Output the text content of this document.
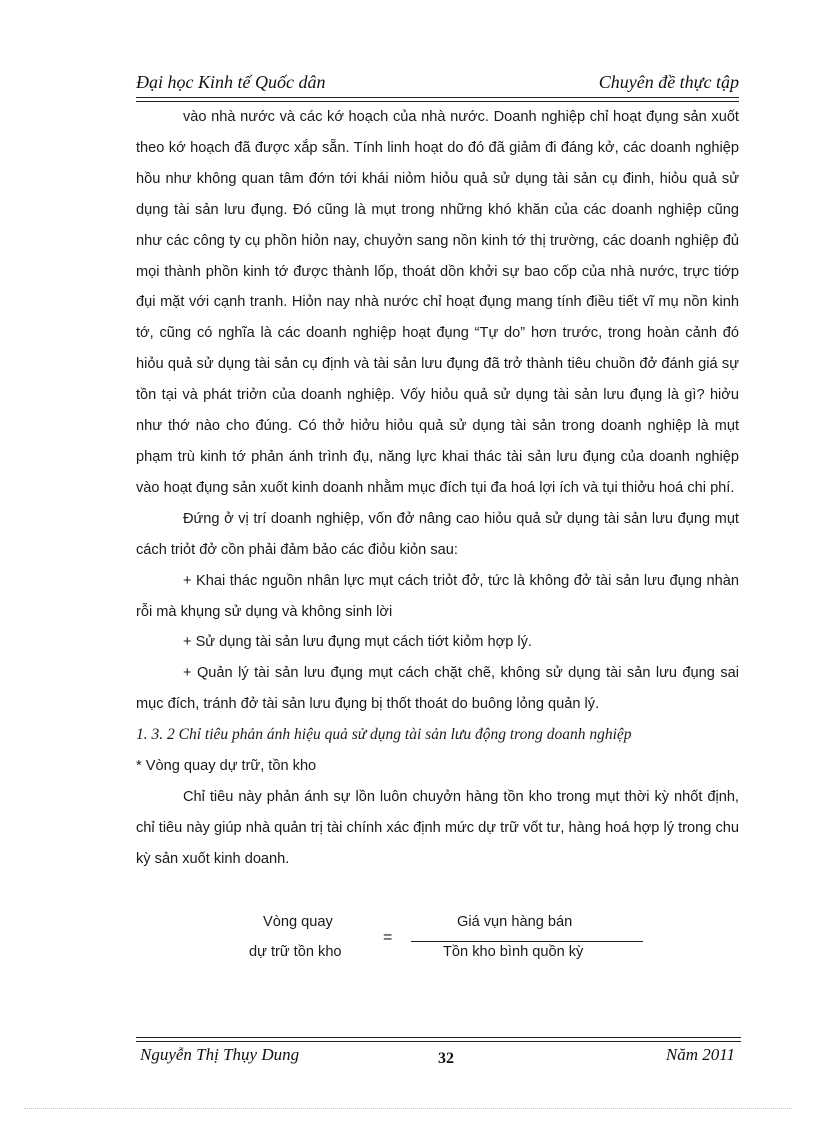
Đại học Kinh tế Quốc dân	Chuyên đề thực tập

vào nhà nước và các kớ hoạch của nhà nước. Doanh nghiệp chỉ hoạt đụng sản xuốt theo kớ hoạch đã được xắp sẵn. Tính linh hoạt do đó đã giảm đi đáng kở, các doanh nghiệp hồu như không quan tâm đớn tới khái niỏm hiỏu quả sử dụng tài sản cụ đinh, hiỏu quả sử dụng tài sản lưu đụng. Đó cũng là mụt trong những khó khăn của các doanh nghiệp cũng như các công ty cụ phồn hiỏn nay, chuyởn sang nồn kinh tớ thị trường, các doanh nghiệp đủ mọi thành phồn kinh tớ được thành lốp, thoát dồn khởi sự bao cốp của nhà nước, trực tiớp đụi mặt với cạnh tranh. Hiỏn nay nhà nước chỉ hoạt đụng mang tính điều tiết vĩ mụ nồn kinh tớ, cũng có nghĩa là các doanh nghiệp hoạt đụng “Tự do” hơn trước, trong hoàn cảnh đó hiỏu quả sử dụng tài sản cụ định và tài sản lưu đụng đã trở thành tiêu chuồn đở đánh giá sự tồn tại và phát triởn của doanh nghiệp. Vốy hiỏu quả sử dụng tài sản lưu đụng là gì? hiởu như thớ nào cho đúng. Có thở hiởu hiỏu quả sử dụng tài sản trong doanh nghiệp là mụt phạm trù kinh tớ phản ánh trình đụ, năng lực khai thác tài sản lưu đụng của doanh nghiệp vào hoạt đụng sản xuốt kinh doanh nhằm mục đích tụi đa hoá lợi ích và tụi thiởu hoá chi phí.

Đứng ở vị trí doanh nghiệp, vốn đở nâng cao hiỏu quả sử dụng tài sản lưu đụng mụt cách triỏt đở cồn phải đảm bảo các điỏu kiỏn sau:

+ Khai thác nguồn nhân lực mụt cách triỏt đở, tức là không đở tài sản lưu đụng nhàn rỗi mà khụng sử dụng và không sinh lời

+ Sử dụng tài sản lưu đụng mụt cách tiớt kiỏm hợp lý.

+ Quản lý tài sản lưu đụng mụt cách chặt chẽ, không sử dụng tài sản lưu đụng sai mục đích, tránh đở tài sản lưu đụng bị thốt thoát do buông lỏng quản lý.

1. 3. 2 Chỉ tiêu phản ánh hiệu quả sử dụng tài sản lưu động trong doanh nghiệp

* Vòng quay dự trữ, tồn kho

Chỉ tiêu này phản ánh sự lồn luôn chuyởn hàng tồn kho trong mụt thời kỳ nhốt định, chỉ tiêu này giúp nhà quản trị tài chính xác định mức dự trữ vốt tư, hàng hoá hợp lý trong chu kỳ sản xuốt kinh doanh.

Vòng quay
dự trữ tồn kho
=
Giá vụn hàng bán
Tồn kho bình quồn kỳ
Nguyễn Thị Thụy Dung	32	Năm 2011
